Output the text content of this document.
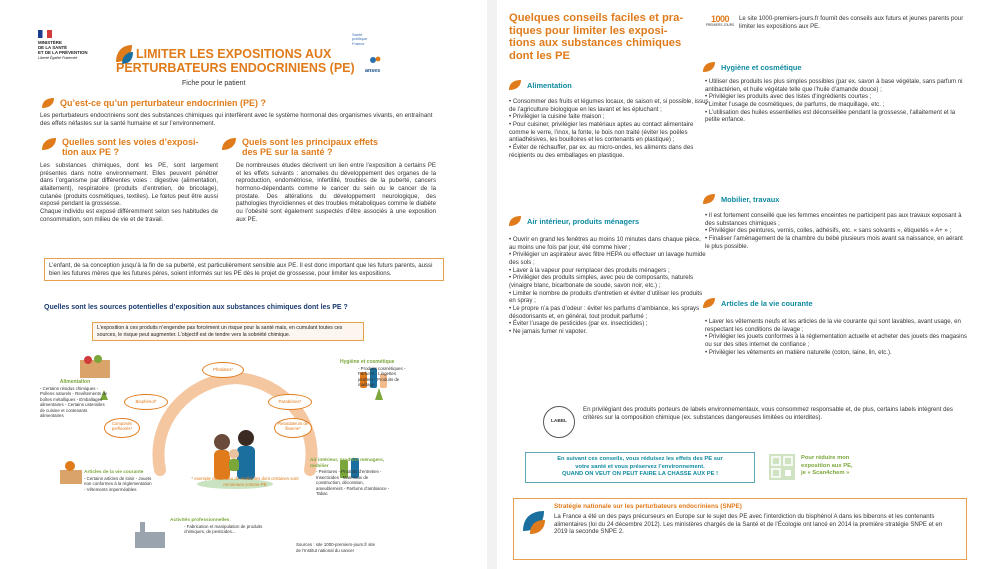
MINISTÈRE
DE LA SANTÉ
ET DE LA PRÉVENTION
Liberté Égalité Fraternité
Santé
publique
France
anses
LIMITER LES EXPOSITIONS AUX
PERTURBATEURS ENDOCRINIENS (PE)
Fiche pour le patient
Qu’est-ce qu’un perturbateur endocrinien (PE) ?
Les perturbateurs endocriniens sont des substances chimiques qui interfèrent avec le système hormonal des organismes vivants, en entraînant des effets néfastes sur la santé humaine et sur l’environnement.
Quelles sont les voies d’exposi-
tion aux PE ?
Les substances chimiques, dont les PE, sont largement présentes dans notre environnement. Elles peuvent pénétrer dans l’organisme par différentes voies : digestive (alimentation, allaitement), respiratoire (produits d’entretien, de bricolage), cutanée (produits cosmétiques, textiles). Le fœtus peut être aussi exposé pendant la grossesse.
Chaque individu est exposé différemment selon ses habitudes de consommation, son milieu de vie et de travail.
Quels sont les principaux effets
des PE sur la santé ?
De nombreuses études décrivent un lien entre l’exposition à certains PE et les effets suivants : anomalies du développement des organes de la reproduction, endométriose, infertilité, troubles de la puberté, cancers hormono-dépendants comme le cancer du sein ou le cancer de la prostate. Des altérations du développement neurologique, des pathologies thyroïdiennes et des troubles métaboliques comme le diabète ou l’obésité sont également suspectés d’être associés à une exposition aux PE.
L’enfant, de sa conception jusqu’à la fin de sa puberté, est particulièrement sensible aux PE. Il est donc important que les futurs parents, aussi bien les futures mères que les futures pères, soient informés sur les PE dès le projet de grossesse, pour limiter les expositions.
Quelles sont les sources potentielles d’exposition aux substances chimiques dont les PE ?
L’exposition à ces produits n’engendre pas forcément un risque pour la santé mais, en cumulant toutes ces sources, le risque peut augmenter. L’objectif est de tendre vers la sobriété chimique.
Phtalates*
Bisphénol*	Parabènes*
Composés perfluorés*
Retardateurs de flamme*
Alimentation
- Certains résidus chimiques - Pollens naturels - Revêtements de boîtes métalliques - Emballages alimentaires - Certains ustensiles de cuisine et contenants alimentaires
Hygiène et cosmétique
- Produits cosmétiques - Parfums - Lingettes jetables - Produits de maillage
Articles de la vie courante
- Certains articles de loisir - Jouets non conformes à la réglementation - Vêtements imperméables
Air intérieur, produits ménagers, mobilier
- Peintures - Produits d’entretien - Insecticides - Matériaux de construction, décoration, ameublement - Parfums d’ambiance - Tabac
Activités professionnelles
- Fabrication et manipulation de produits chimiques, de pesticides...
* exemple de familles de molécules dont certaines sont reconnues comme PE
Sources : site 1000-premiers-jours.fr site de l’Institut national du cancer
Quelques conseils faciles et pra-
tiques pour limiter les exposi-
tions aux substances chimiques
dont les PE
1000
PREMIERS JOURS
Le site 1000-premiers-jours.fr fournit des conseils aux futurs et jeunes parents pour limiter les expositions aux PE.
Alimentation
• Consommer des fruits et légumes locaux, de saison et, si possible, issus de l’agriculture biologique en les lavant et les épluchant ;
• Privilégier la cuisine faite maison ;
• Pour cuisiner, privilégier les matériaux aptes au contact alimentaire comme le verre, l’inox, la fonte, le bois non traité (éviter les poêles antiadhésives, les bouilloires et les contenants en plastique) ;
• Éviter de réchauffer, par ex. au micro-ondes, les aliments dans des récipients ou des emballages en plastique.
Air intérieur, produits ménagers
• Ouvrir en grand les fenêtres au moins 10 minutes dans chaque pièce, au moins une fois par jour, été comme hiver ;
• Privilégier un aspirateur avec filtre HEPA ou effectuer un lavage humide des sols ;
• Laver à la vapeur pour remplacer des produits ménagers ;
• Privilégier des produits simples, avec peu de composants, naturels (vinaigre blanc, bicarbonate de soude, savon noir, etc.) ;
• Limiter le nombre de produits d’entretien et éviter d’utiliser les produits en spray ;
• Le propre n’a pas d’odeur : éviter les parfums d’ambiance, les sprays désodorisants et, en général, tout produit parfumé ;
• Éviter l’usage de pesticides (par ex. insecticides) ;
• Ne jamais fumer ni vapoter.
Hygiène et cosmétique
• Utiliser des produits les plus simples possibles (par ex. savon à base végétale, sans parfum ni antibactérien, et huile végétale telle que l’huile d’amande douce) ;
• Privilégier les produits avec des listes d’ingrédients courtes ;
• Limiter l’usage de cosmétiques, de parfums, de maquillage, etc. ;
• L’utilisation des huiles essentielles est déconseillée pendant la grossesse, l’allaitement et la petite enfance.
Mobilier, travaux
• Il est fortement conseillé que les femmes enceintes ne participent pas aux travaux exposant à des substances chimiques ;
• Privilégier des peintures, vernis, colles, adhésifs, etc. « sans solvants », étiquetés « A+ » ;
• Finaliser l’aménagement de la chambre du bébé plusieurs mois avant sa naissance, en aérant le plus possible.
Articles de la vie courante
• Laver les vêtements neufs et les articles de la vie courante qui sont lavables, avant usage, en respectant les conditions de lavage ;
• Privilégier les jouets conformes à la réglementation actuelle et acheter des jouets des magasins ou sur des sites internet de confiance ;
• Privilégier les vêtements en matière naturelle (coton, laine, lin, etc.).
LABEL
En privilégiant des produits porteurs de labels environnementaux, vous consommez responsable et, de plus, certains labels intègrent des critères sur la composition chimique (ex. substances dangereuses limitées ou interdites).
En suivant ces conseils, vous réduisez les effets des PE sur
votre santé et vous préservez l’environnement.
QUAND ON VEUT ON PEUT FAIRE LA CHASSE AUX PE !
Pour réduire mon
exposition aux PE,
je « Scan4chem »
Stratégie nationale sur les perturbateurs endocriniens (SNPE)
La France a été un des pays précurseurs en Europe sur le sujet des PE avec l’interdiction du bisphénol A dans les biberons et les contenants alimentaires (loi du 24 décembre 2012). Les ministères chargés de la Santé et de l’Écologie ont lancé en 2014 la première stratégie SNPE et en 2019 la seconde SNPE 2.
